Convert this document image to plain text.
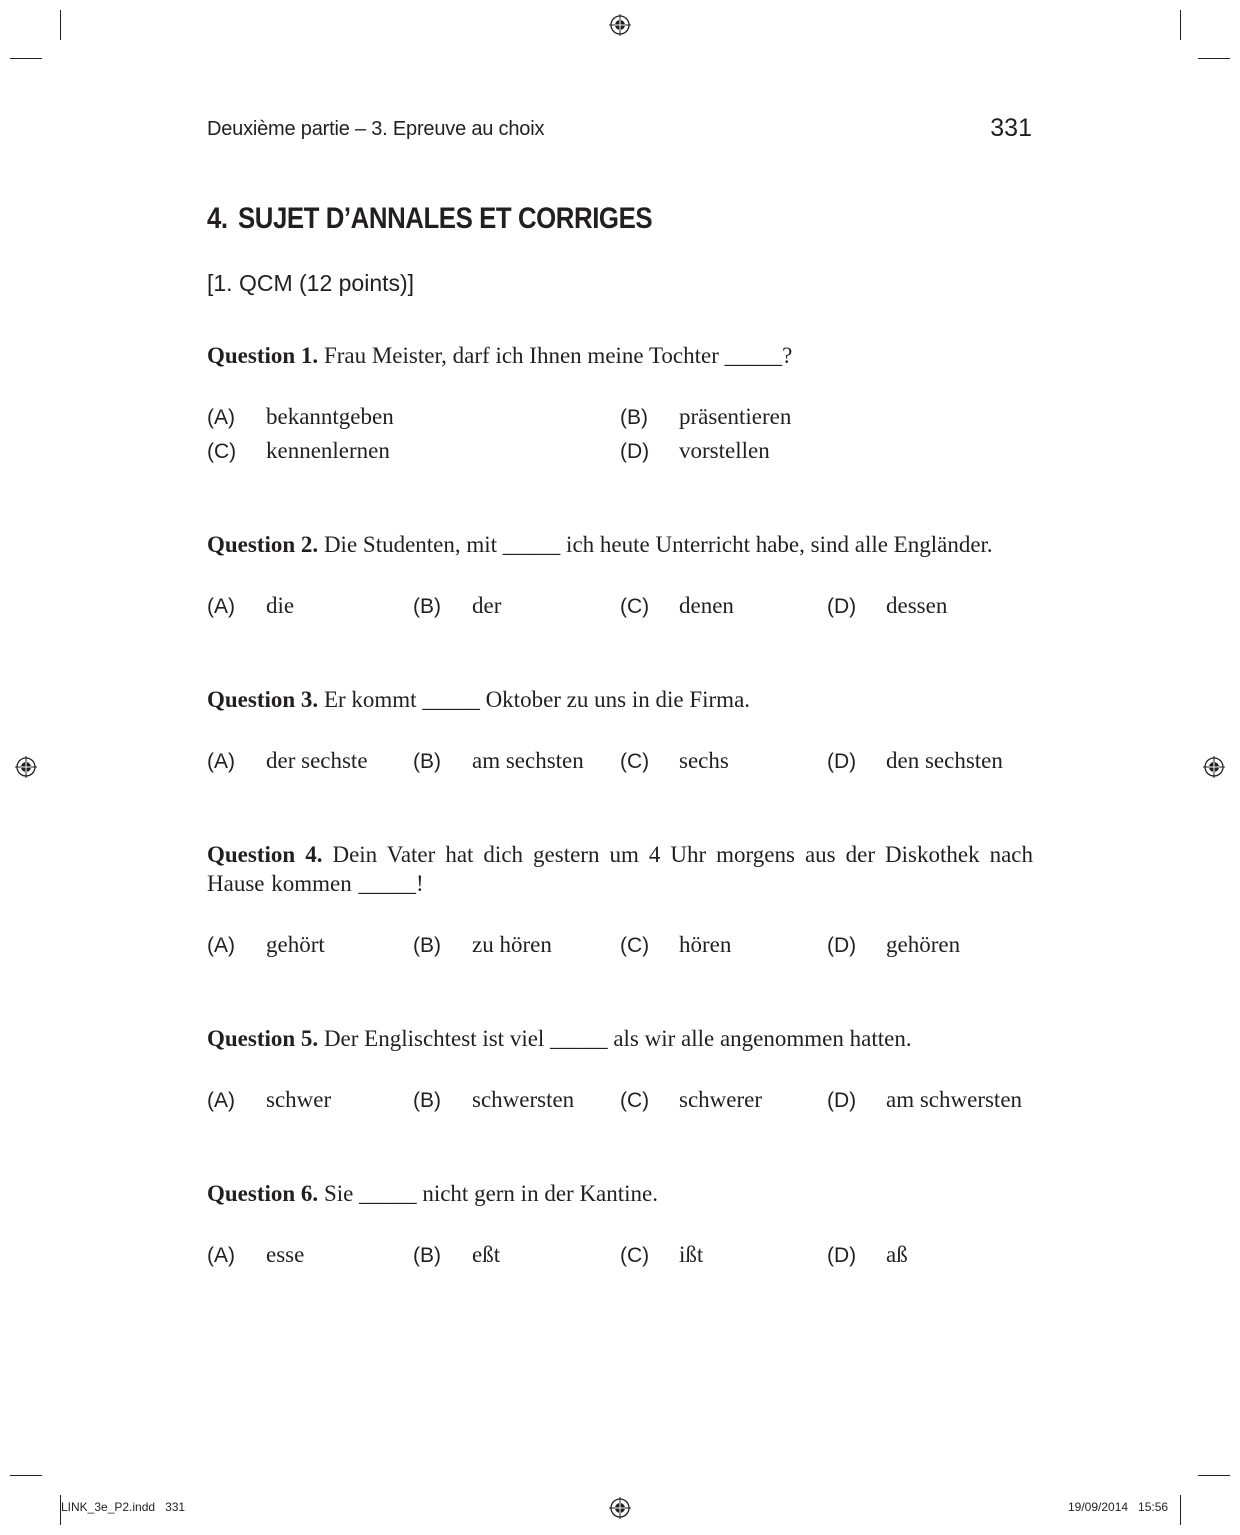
Deuxième partie – 3. Epreuve au choix	331
4. SUJET D’ANNALES ET CORRIGES
[1. QCM (12 points)]
Question 1. Frau Meister, darf ich Ihnen meine Tochter _____?
(A) bekanntgeben	(B) präsentieren
(C) kennenlernen	(D) vorstellen
Question 2. Die Studenten, mit _____ ich heute Unterricht habe, sind alle Engländer.
(A) die	(B) der	(C) denen	(D) dessen
Question 3. Er kommt _____ Oktober zu uns in die Firma.
(A) der sechste (B) am sechsten (C) sechs	(D) den sechsten
Question 4. Dein Vater hat dich gestern um 4 Uhr morgens aus der Diskothek nach Hause kommen _____!
(A) gehört	(B) zu hören	(C) hören	(D) gehören
Question 5. Der Englischtest ist viel _____ als wir alle angenommen hatten.
(A) schwer	(B) schwersten (C) schwerer	(D) am schwersten
Question 6. Sie _____ nicht gern in der Kantine.
(A) esse	(B) eßt	(C) ißt	(D) aß
LINK_3e_P2.indd   331	19/09/2014   15:56
